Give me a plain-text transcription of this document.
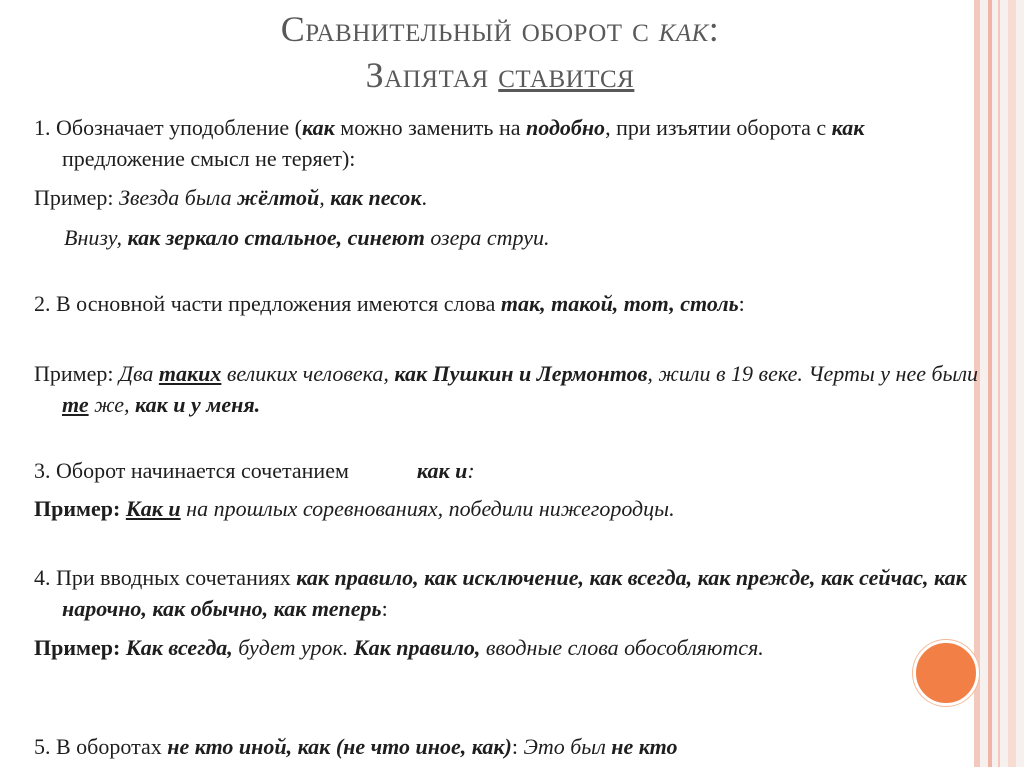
Сравнительный оборот с как:
Запятая ставится
1. Обозначает уподобление (как можно заменить на подобно, при изъятии оборота с как предложение смысл не теряет):
Пример: Звезда была жёлтой, как песок.
Внизу, как зеркало стальное, синеют озера струи.
2. В основной части предложения имеются слова так, такой, тот, столь:
Пример: Два таких великих человека, как Пушкин и Лермонтов, жили в 19 веке. Черты у нее были те же, как и у меня.
3. Оборот начинается сочетанием	как и:
Пример: Как и на прошлых соревнованиях, победили нижегородцы.
4. При вводных сочетаниях как правило, как исключение, как всегда, как прежде, как сейчас, как нарочно, как обычно, как теперь:
Пример: Как всегда, будет урок. Как правило, вводные слова обособляются.
5. В оборотах не кто иной, как (не что иное, как): Это был не кто
